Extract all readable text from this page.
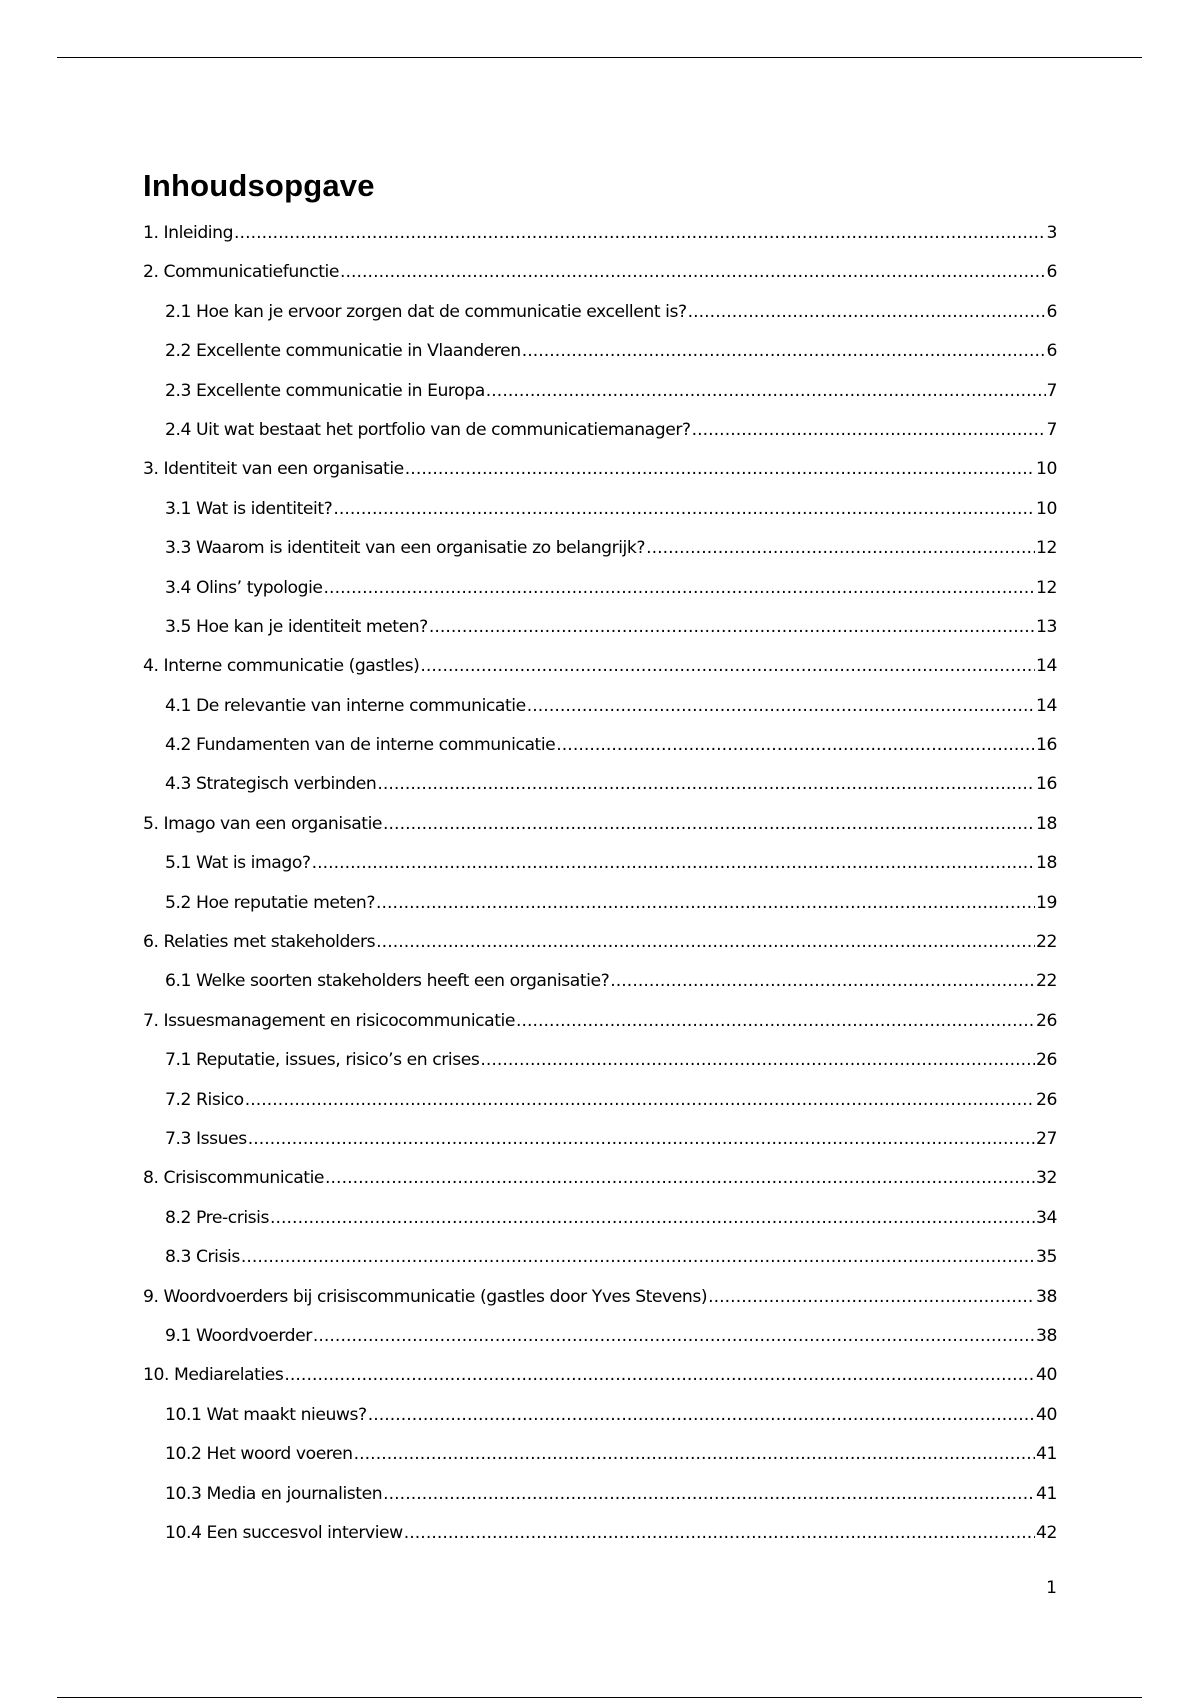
Inhoudsopgave
1. Inleiding .....	3
2. Communicatiefunctie .....	6
2.1 Hoe kan je ervoor zorgen dat de communicatie excellent is? .....	6
2.2 Excellente communicatie in Vlaanderen .....	6
2.3 Excellente communicatie in Europa .....	7
2.4 Uit wat bestaat het portfolio van de communicatiemanager? .....	7
3. Identiteit van een organisatie .....	10
3.1 Wat is identiteit? .....	10
3.3 Waarom is identiteit van een organisatie zo belangrijk? .....	12
3.4 Olins’ typologie .....	12
3.5 Hoe kan je identiteit meten? .....	13
4. Interne communicatie (gastles) .....	14
4.1 De relevantie van interne communicatie .....	14
4.2 Fundamenten van de interne communicatie .....	16
4.3 Strategisch verbinden .....	16
5. Imago van een organisatie .....	18
5.1 Wat is imago? .....	18
5.2 Hoe reputatie meten? .....	19
6. Relaties met stakeholders .....	22
6.1 Welke soorten stakeholders heeft een organisatie? .....	22
7. Issuesmanagement en risicocommunicatie .....	26
7.1 Reputatie, issues, risico’s en crises .....	26
7.2 Risico .....	26
7.3 Issues .....	27
8. Crisiscommunicatie .....	32
8.2 Pre-crisis .....	34
8.3 Crisis .....	35
9. Woordvoerders bij crisiscommunicatie (gastles door Yves Stevens) .....	38
9.1 Woordvoerder .....	38
10. Mediarelaties .....	40
10.1 Wat maakt nieuws? .....	40
10.2 Het woord voeren .....	41
10.3 Media en journalisten .....	41
10.4 Een succesvol interview .....	42
1
